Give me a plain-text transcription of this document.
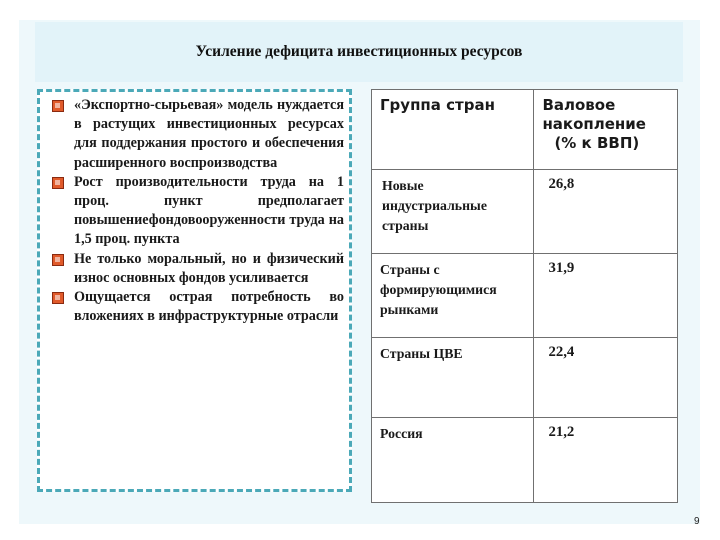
Усиление дефицита инвестиционных ресурсов
«Экспортно-сырьевая» модель нуждается в растущих инвестиционных ресурсах для поддержания простого и обеспечения расширенного воспроизводства
Рост производительности труда на 1 проц. пункт предполагает повышениефондовооруженности труда на 1,5 проц. пункта
Не только моральный, но и физический износ основных фондов усиливается
Ощущается острая потребность во вложениях в инфраструктурные отрасли
Группа стран	Валовое
накопление
(% к ВВП)

Новые индустриальные страны	26,8
Страны с формирующимися рынками	31,9
Страны ЦВЕ	22,4
Россия	21,2
9
